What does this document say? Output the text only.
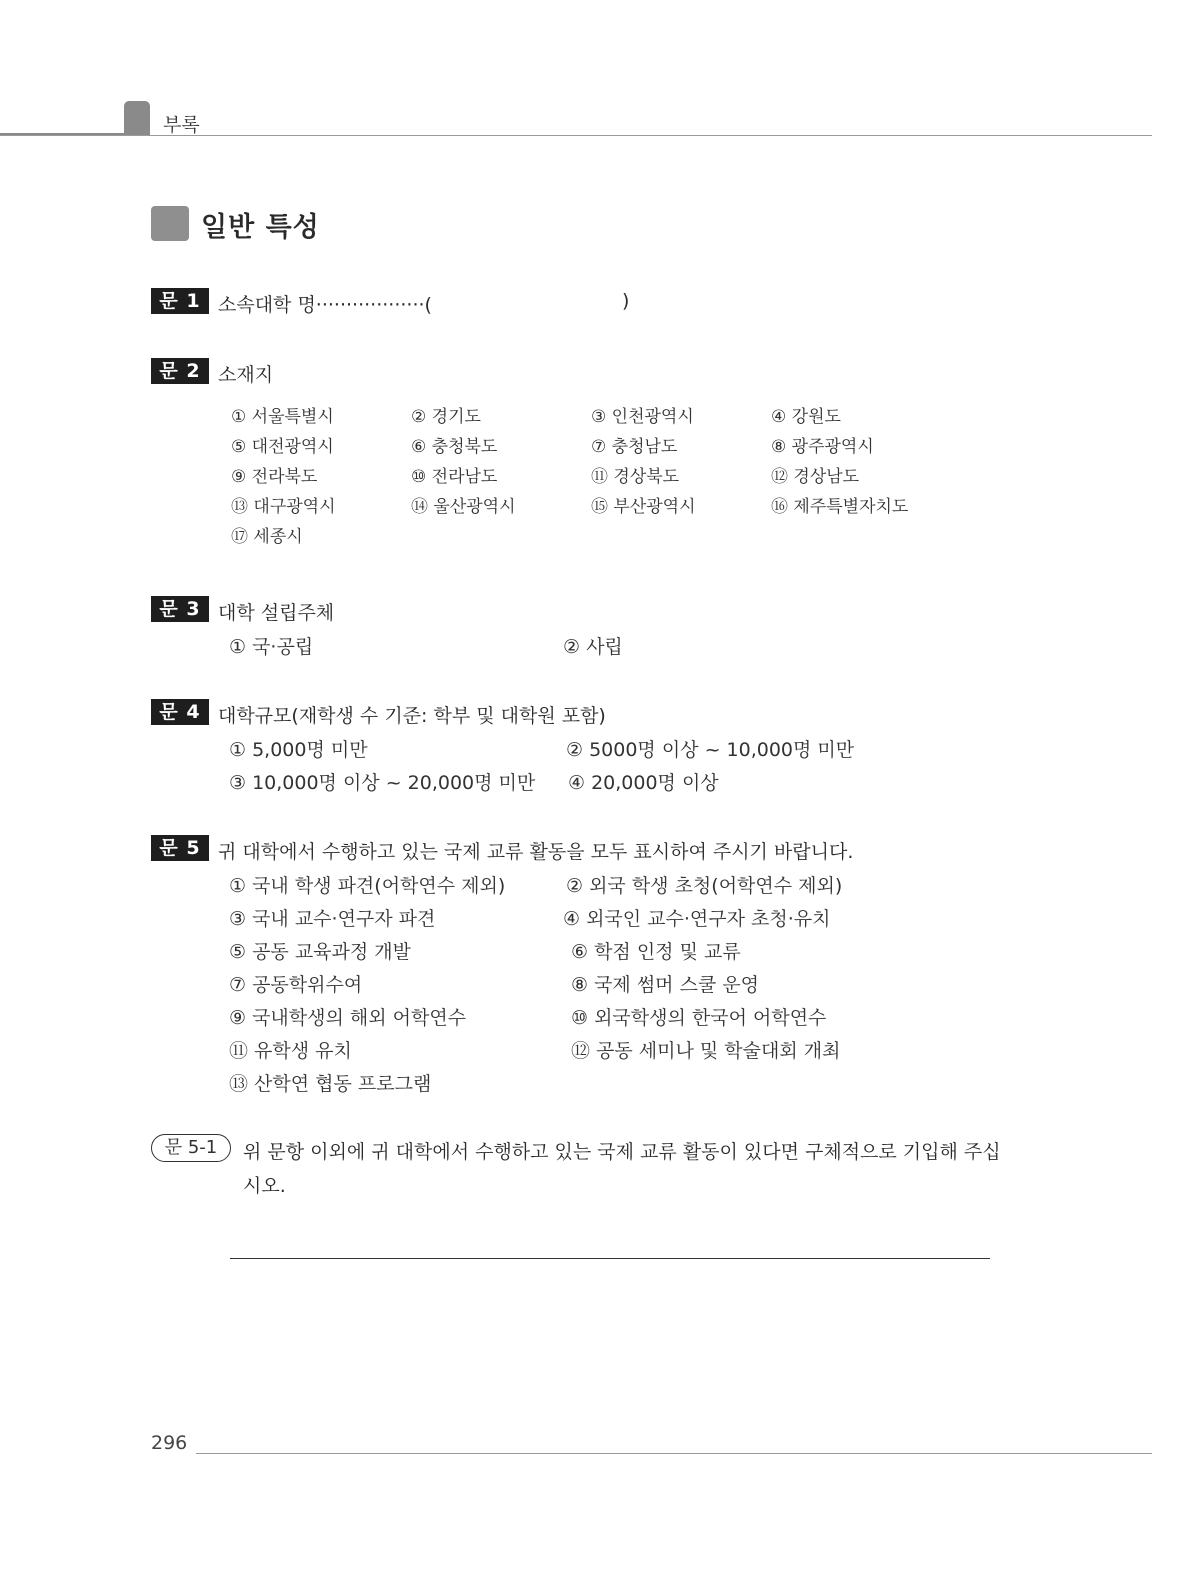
부록
일반 특성
문 1 소속대학 명··················(	)
문 2 소재지
① 서울특별시	② 경기도	③ 인천광역시	④ 강원도
⑤ 대전광역시	⑥ 충청북도	⑦ 충청남도	⑧ 광주광역시
⑨ 전라북도	⑩ 전라남도	⑪ 경상북도	⑫ 경상남도
⑬ 대구광역시	⑭ 울산광역시	⑮ 부산광역시	⑯ 제주특별자치도
⑰ 세종시
문 3 대학 설립주체
① 국·공립	② 사립
문 4 대학규모(재학생 수 기준: 학부 및 대학원 포함)
① 5,000명 미만	② 5000명 이상 ~ 10,000명 미만
③ 10,000명 이상 ~ 20,000명 미만 ④ 20,000명 이상
문 5 귀 대학에서 수행하고 있는 국제 교류 활동을 모두 표시하여 주시기 바랍니다.
① 국내 학생 파견(어학연수 제외)	② 외국 학생 초청(어학연수 제외)
③ 국내 교수·연구자 파견	④ 외국인 교수·연구자 초청·유치
⑤ 공동 교육과정 개발	⑥ 학점 인정 및 교류
⑦ 공동학위수여	⑧ 국제 썸머 스쿨 운영
⑨ 국내학생의 해외 어학연수	⑩ 외국학생의 한국어 어학연수
⑪ 유학생 유치	⑫ 공동 세미나 및 학술대회 개최
⑬ 산학연 협동 프로그램
문 5-1	위 문항 이외에 귀 대학에서 수행하고 있는 국제 교류 활동이 있다면 구체적으로 기입해 주십
시오.
296
